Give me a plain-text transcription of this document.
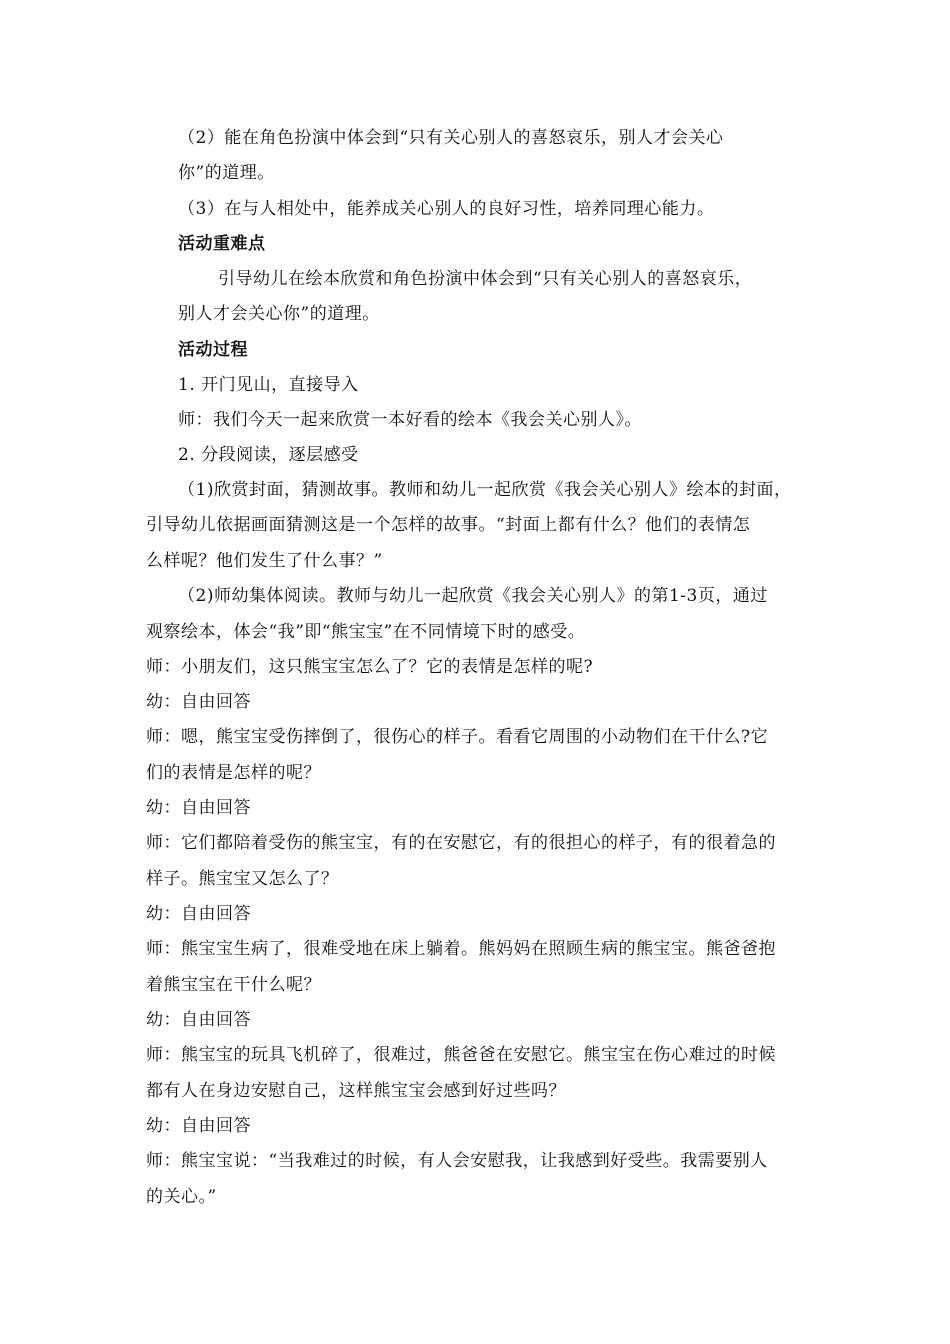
（2）能在角色扮演中体会到“只有关心别人的喜怒哀乐，别人才会关心
你”的道理。
（3）在与人相处中，能养成关心别人的良好习性，培养同理心能力。
活动重难点
引导幼儿在绘本欣赏和角色扮演中体会到“只有关心别人的喜怒哀乐，
别人才会关心你”的道理。
活动过程
1. 开门见山，直接导入
师：我们今天一起来欣赏一本好看的绘本《我会关心别人》。
2. 分段阅读，逐层感受
（1)欣赏封面，猜测故事。教师和幼儿一起欣赏《我会关心别人》绘本的封面，
引导幼儿依据画面猜测这是一个怎样的故事。“封面上都有什么？他们的表情怎
么样呢？他们发生了什么事？”
（2)师幼集体阅读。教师与幼儿一起欣赏《我会关心别人》的第1-3页，通过
观察绘本，体会“我”即“熊宝宝”在不同情境下时的感受。
师：小朋友们，这只熊宝宝怎么了？它的表情是怎样的呢?
幼：自由回答
师：嗯，熊宝宝受伤摔倒了，很伤心的样子。看看它周围的小动物们在干什么?它
们的表情是怎样的呢？
幼：自由回答
师：它们都陪着受伤的熊宝宝，有的在安慰它，有的很担心的样子，有的很着急的
样子。熊宝宝又怎么了？
幼：自由回答
师：熊宝宝生病了，很难受地在床上躺着。熊妈妈在照顾生病的熊宝宝。熊爸爸抱
着熊宝宝在干什么呢？
幼：自由回答
师：熊宝宝的玩具飞机碎了，很难过，熊爸爸在安慰它。熊宝宝在伤心难过的时候
都有人在身边安慰自己，这样熊宝宝会感到好过些吗？
幼：自由回答
师：熊宝宝说：“当我难过的时候，有人会安慰我，让我感到好受些。我需要别人
的关心。”
